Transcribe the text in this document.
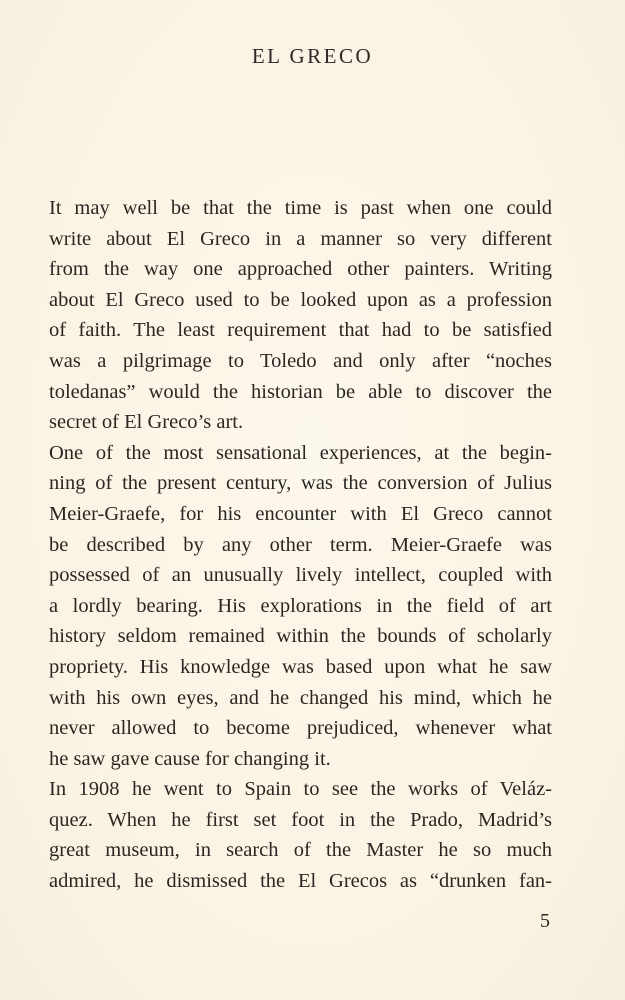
EL GRECO
It may well be that the time is past when one could
write about El Greco in a manner so very different
from the way one approached other painters. Writing
about El Greco used to be looked upon as a profession
of faith. The least requirement that had to be satisfied
was a pilgrimage to Toledo and only after “noches
toledanas” would the historian be able to discover the
secret of El Greco’s art.
One of the most sensational experiences, at the begin-
ning of the present century, was the conversion of Julius
Meier-Graefe, for his encounter with El Greco cannot
be described by any other term. Meier-Graefe was
possessed of an unusually lively intellect, coupled with
a lordly bearing. His explorations in the field of art
history seldom remained within the bounds of scholarly
propriety. His knowledge was based upon what he saw
with his own eyes, and he changed his mind, which he
never allowed to become prejudiced, whenever what
he saw gave cause for changing it.
In 1908 he went to Spain to see the works of Veláz-
quez. When he first set foot in the Prado, Madrid’s
great museum, in search of the Master he so much
admired, he dismissed the El Grecos as “drunken fan-
5
